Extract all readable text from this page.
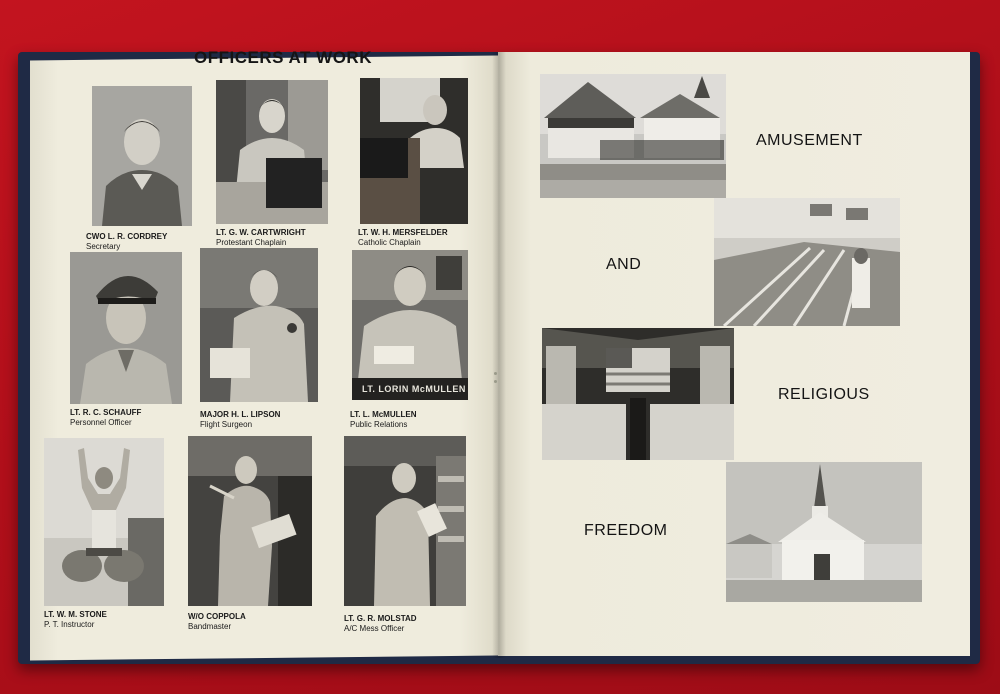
OFFICERS AT WORK
CWO L. R. CORDREY
Secretary
LT. G. W. CARTWRIGHT
Protestant Chaplain
LT. W. H. MERSFELDER
Catholic Chaplain
LT. R. C. SCHAUFF
Personnel Officer
MAJOR H. L. LIPSON
Flight Surgeon
LT. LORIN McMULLEN
LT. L. McMULLEN
Public Relations
LT. W. M. STONE
P. T. Instructor
W/O COPPOLA
Bandmaster
LT. G. R. MOLSTAD
A/C Mess Officer
AMUSEMENT
AND
RELIGIOUS
FREEDOM
